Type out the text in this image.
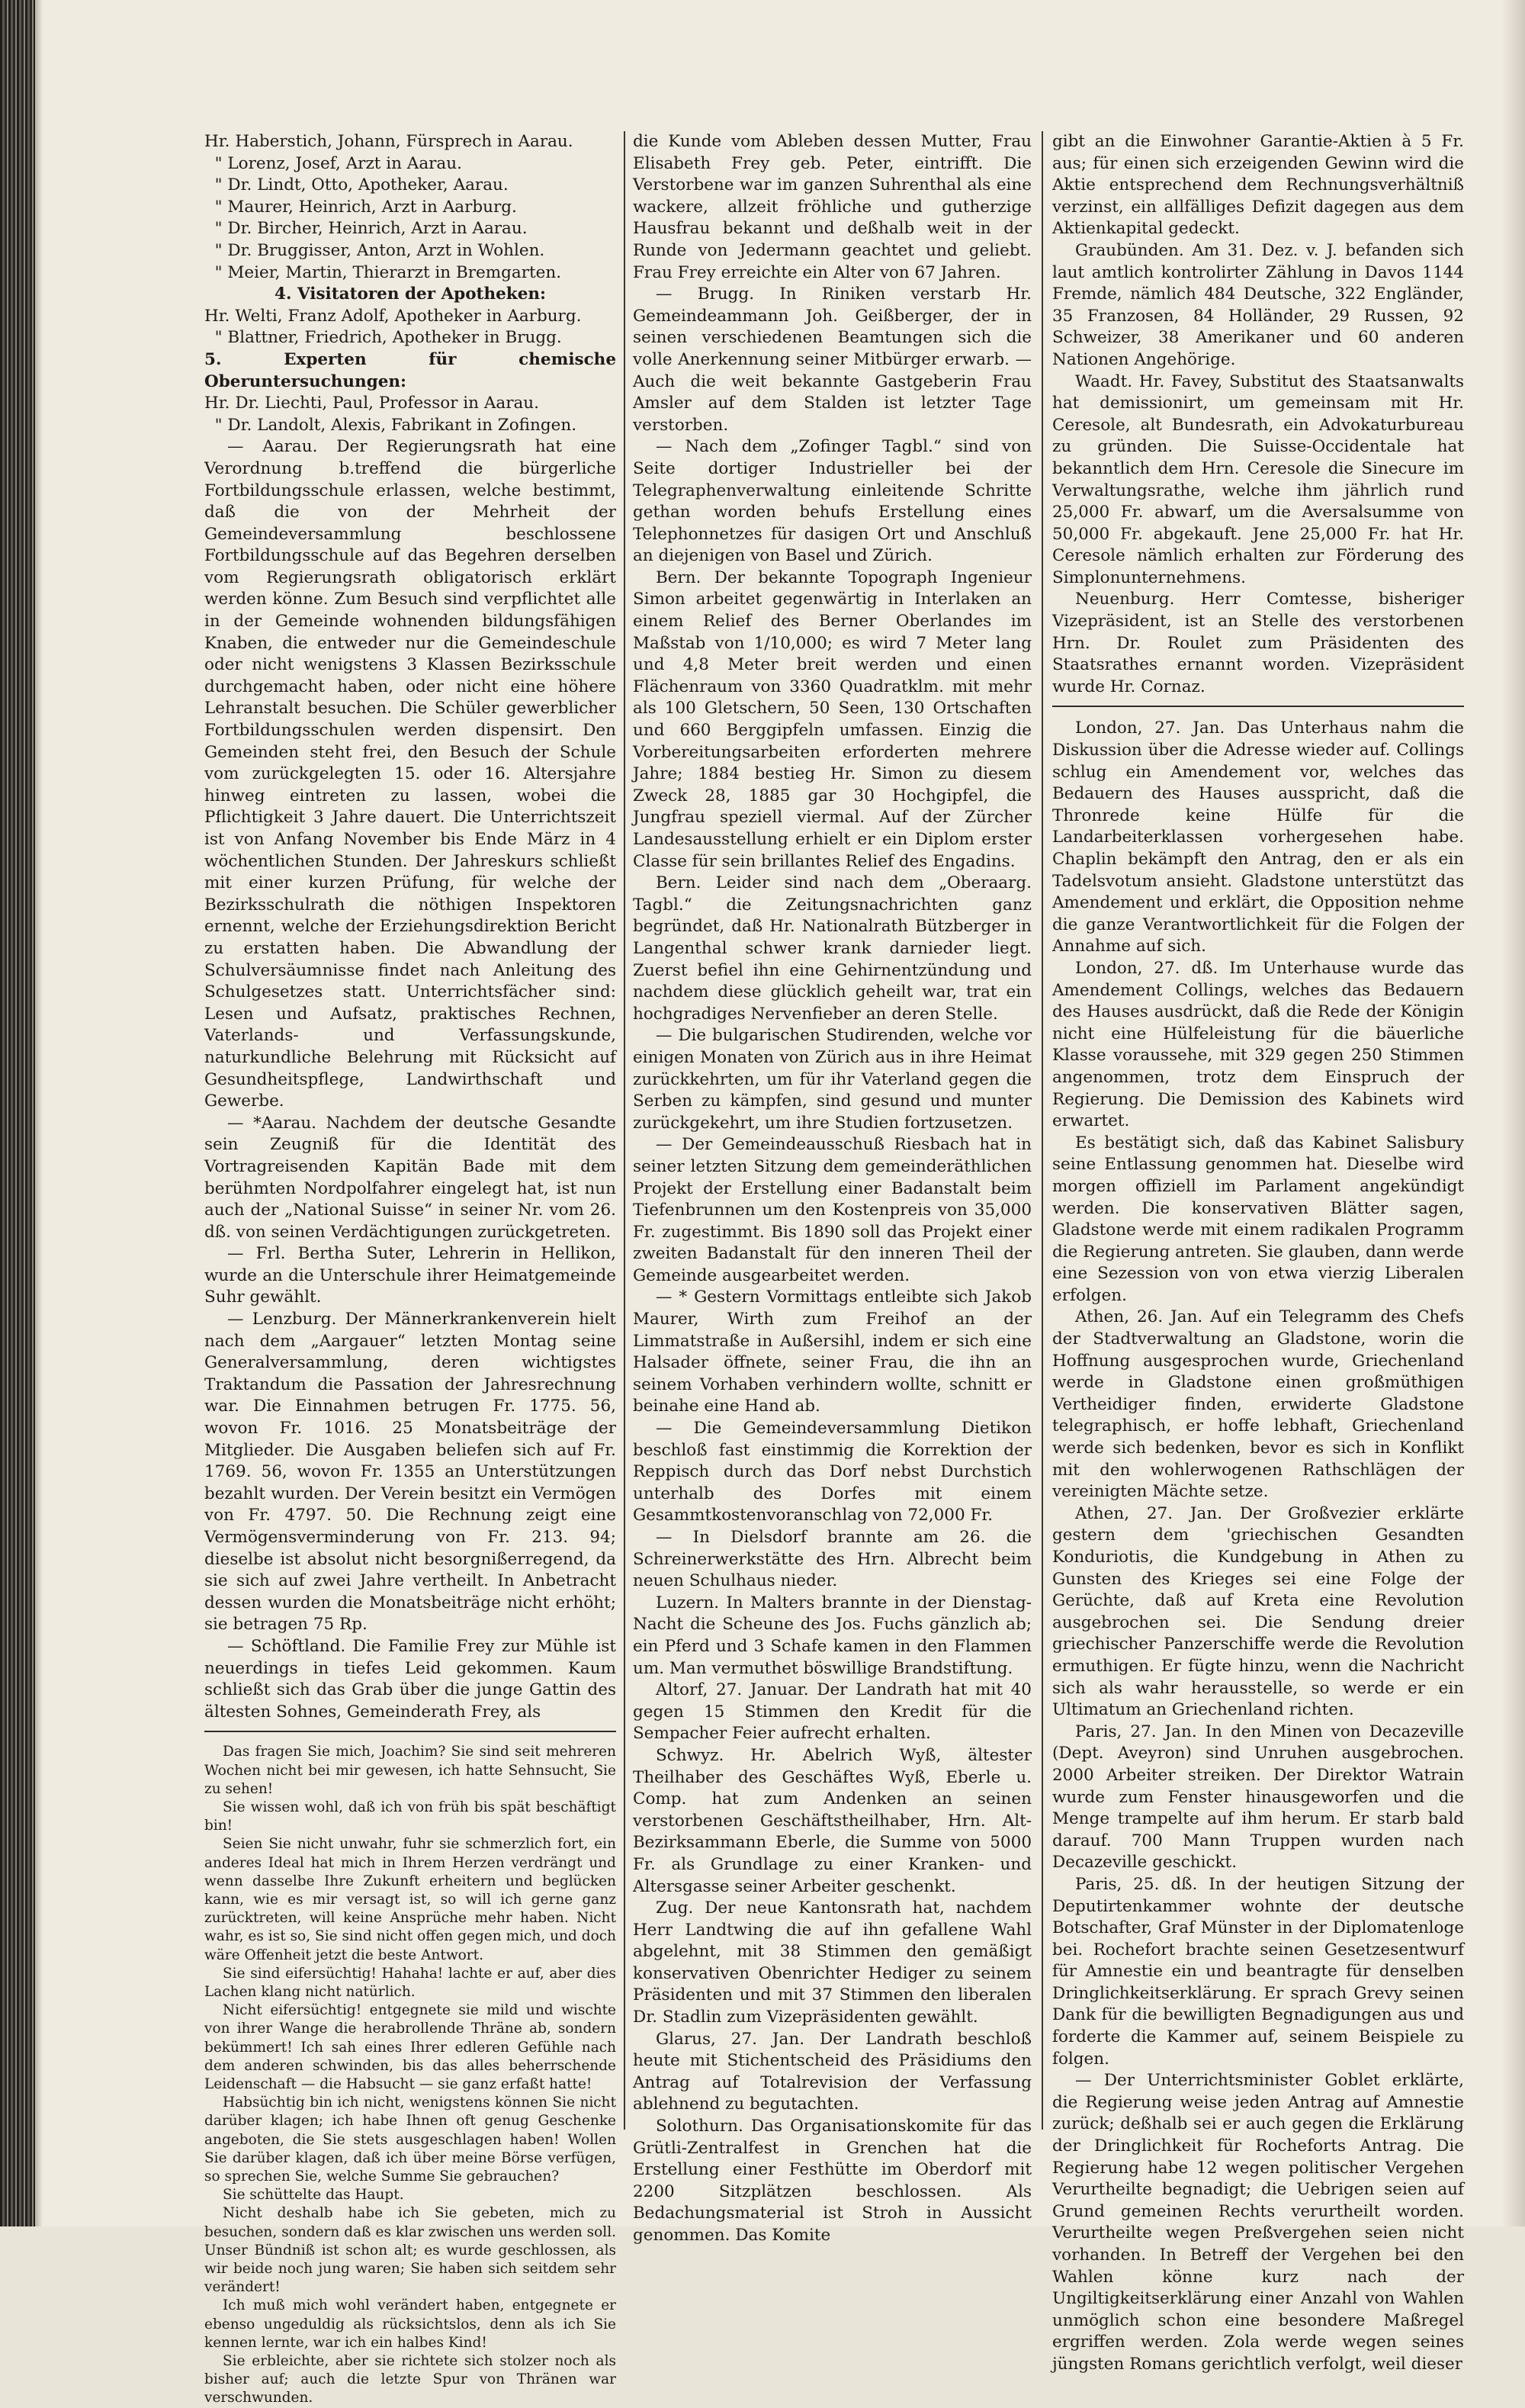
Hr. Haberstich, Johann, Fürsprech in Aarau.

" Lorenz, Josef, Arzt in Aarau.

" Dr. Lindt, Otto, Apotheker, Aarau.

" Maurer, Heinrich, Arzt in Aarburg.

" Dr. Bircher, Heinrich, Arzt in Aarau.

" Dr. Bruggisser, Anton, Arzt in Wohlen.

" Meier, Martin, Thierarzt in Bremgarten.

4. Visitatoren der Apotheken:

Hr. Welti, Franz Adolf, Apotheker in Aarburg.

" Blattner, Friedrich, Apotheker in Brugg.

5. Experten für chemische Oberuntersuchungen:

Hr. Dr. Liechti, Paul, Professor in Aarau.

" Dr. Landolt, Alexis, Fabrikant in Zofingen.

— Aarau. Der Regierungsrath hat eine Verordnung b.treffend die bürgerliche Fortbildungsschule erlassen, welche bestimmt, daß die von der Mehrheit der Gemeindeversammlung beschlossene Fortbildungsschule auf das Begehren derselben vom Regierungsrath obligatorisch erklärt werden könne. Zum Besuch sind verpflichtet alle in der Gemeinde wohnenden bildungsfähigen Knaben, die entweder nur die Gemeindeschule oder nicht wenigstens 3 Klassen Bezirksschule durchgemacht haben, oder nicht eine höhere Lehranstalt besuchen. Die Schüler gewerblicher Fortbildungsschulen werden dispensirt. Den Gemeinden steht frei, den Besuch der Schule vom zurückgelegten 15. oder 16. Altersjahre hinweg eintreten zu lassen, wobei die Pflichtigkeit 3 Jahre dauert. Die Unterrichtszeit ist von Anfang November bis Ende März in 4 wöchentlichen Stunden. Der Jahreskurs schließt mit einer kurzen Prüfung, für welche der Bezirksschulrath die nöthigen Inspektoren ernennt, welche der Erziehungsdirektion Bericht zu erstatten haben. Die Abwandlung der Schulversäumnisse findet nach Anleitung des Schulgesetzes statt. Unterrichtsfächer sind: Lesen und Aufsatz, praktisches Rechnen, Vaterlands- und Verfassungskunde, naturkundliche Belehrung mit Rücksicht auf Gesundheitspflege, Landwirthschaft und Gewerbe.

— *Aarau. Nachdem der deutsche Gesandte sein Zeugniß für die Identität des Vortragreisenden Kapitän Bade mit dem berühmten Nordpolfahrer eingelegt hat, ist nun auch der „National Suisse“ in seiner Nr. vom 26. dß. von seinen Verdächtigungen zurückgetreten.

— Frl. Bertha Suter, Lehrerin in Hellikon, wurde an die Unterschule ihrer Heimatgemeinde Suhr gewählt.

— Lenzburg. Der Männerkrankenverein hielt nach dem „Aargauer“ letzten Montag seine Generalversammlung, deren wichtigstes Traktandum die Passation der Jahresrechnung war. Die Einnahmen betrugen Fr. 1775. 56, wovon Fr. 1016. 25 Monatsbeiträge der Mitglieder. Die Ausgaben beliefen sich auf Fr. 1769. 56, wovon Fr. 1355 an Unterstützungen bezahlt wurden. Der Verein besitzt ein Vermögen von Fr. 4797. 50. Die Rechnung zeigt eine Vermögensverminderung von Fr. 213. 94; dieselbe ist absolut nicht besorgnißerregend, da sie sich auf zwei Jahre vertheilt. In Anbetracht dessen wurden die Monatsbeiträge nicht erhöht; sie betragen 75 Rp.

— Schöftland. Die Familie Frey zur Mühle ist neuerdings in tiefes Leid gekommen. Kaum schließt sich das Grab über die junge Gattin des ältesten Sohnes, Gemeinderath Frey, als

Das fragen Sie mich, Joachim? Sie sind seit mehreren Wochen nicht bei mir gewesen, ich hatte Sehnsucht, Sie zu sehen!

Sie wissen wohl, daß ich von früh bis spät beschäftigt bin!

Seien Sie nicht unwahr, fuhr sie schmerzlich fort, ein anderes Ideal hat mich in Ihrem Herzen verdrängt und wenn dasselbe Ihre Zukunft erheitern und beglücken kann, wie es mir versagt ist, so will ich gerne ganz zurücktreten, will keine Ansprüche mehr haben. Nicht wahr, es ist so, Sie sind nicht offen gegen mich, und doch wäre Offenheit jetzt die beste Antwort.

Sie sind eifersüchtig! Hahaha! lachte er auf, aber dies Lachen klang nicht natürlich.

Nicht eifersüchtig! entgegnete sie mild und wischte von ihrer Wange die herabrollende Thräne ab, sondern bekümmert! Ich sah eines Ihrer edleren Gefühle nach dem anderen schwinden, bis das alles beherrschende Leidenschaft — die Habsucht — sie ganz erfaßt hatte!

Habsüchtig bin ich nicht, wenigstens können Sie nicht darüber klagen; ich habe Ihnen oft genug Geschenke angeboten, die Sie stets ausgeschlagen haben! Wollen Sie darüber klagen, daß ich über meine Börse verfügen, so sprechen Sie, welche Summe Sie gebrauchen?

Sie schüttelte das Haupt.

Nicht deshalb habe ich Sie gebeten, mich zu besuchen, sondern daß es klar zwischen uns werden soll. Unser Bündniß ist schon alt; es wurde geschlossen, als wir beide noch jung waren; Sie haben sich seitdem sehr verändert!

Ich muß mich wohl verändert haben, entgegnete er ebenso ungeduldig als rücksichtslos, denn als ich Sie kennen lernte, war ich ein halbes Kind!

Sie erbleichte, aber sie richtete sich stolzer noch als bisher auf; auch die letzte Spur von Thränen war verschwunden.

die Kunde vom Ableben dessen Mutter, Frau Elisabeth Frey geb. Peter, eintrifft. Die Verstorbene war im ganzen Suhrenthal als eine wackere, allzeit fröhliche und gutherzige Hausfrau bekannt und deßhalb weit in der Runde von Jedermann geachtet und geliebt. Frau Frey erreichte ein Alter von 67 Jahren.

— Brugg. In Riniken verstarb Hr. Gemeindeammann Joh. Geißberger, der in seinen verschiedenen Beamtungen sich die volle Anerkennung seiner Mitbürger erwarb. — Auch die weit bekannte Gastgeberin Frau Amsler auf dem Stalden ist letzter Tage verstorben.

— Nach dem „Zofinger Tagbl.“ sind von Seite dortiger Industrieller bei der Telegraphenverwaltung einleitende Schritte gethan worden behufs Erstellung eines Telephonnetzes für dasigen Ort und Anschluß an diejenigen von Basel und Zürich.

Bern. Der bekannte Topograph Ingenieur Simon arbeitet gegenwärtig in Interlaken an einem Relief des Berner Oberlandes im Maßstab von 1/10,000; es wird 7 Meter lang und 4,8 Meter breit werden und einen Flächenraum von 3360 Quadratklm. mit mehr als 100 Gletschern, 50 Seen, 130 Ortschaften und 660 Berggipfeln umfassen. Einzig die Vorbereitungsarbeiten erforderten mehrere Jahre; 1884 bestieg Hr. Simon zu diesem Zweck 28, 1885 gar 30 Hochgipfel, die Jungfrau speziell viermal. Auf der Zürcher Landesausstellung erhielt er ein Diplom erster Classe für sein brillantes Relief des Engadins.

Bern. Leider sind nach dem „Oberaarg. Tagbl.“ die Zeitungsnachrichten ganz begründet, daß Hr. Nationalrath Bützberger in Langenthal schwer krank darnieder liegt. Zuerst befiel ihn eine Gehirnentzündung und nachdem diese glücklich geheilt war, trat ein hochgradiges Nervenfieber an deren Stelle.

— Die bulgarischen Studirenden, welche vor einigen Monaten von Zürich aus in ihre Heimat zurückkehrten, um für ihr Vaterland gegen die Serben zu kämpfen, sind gesund und munter zurückgekehrt, um ihre Studien fortzusetzen.

— Der Gemeindeausschuß Riesbach hat in seiner letzten Sitzung dem gemeinderäthlichen Projekt der Erstellung einer Badanstalt beim Tiefenbrunnen um den Kostenpreis von 35,000 Fr. zugestimmt. Bis 1890 soll das Projekt einer zweiten Badanstalt für den inneren Theil der Gemeinde ausgearbeitet werden.

— * Gestern Vormittags entleibte sich Jakob Maurer, Wirth zum Freihof an der Limmatstraße in Außersihl, indem er sich eine Halsader öffnete, seiner Frau, die ihn an seinem Vorhaben verhindern wollte, schnitt er beinahe eine Hand ab.

— Die Gemeindeversammlung Dietikon beschloß fast einstimmig die Korrektion der Reppisch durch das Dorf nebst Durchstich unterhalb des Dorfes mit einem Gesammtkostenvoranschlag von 72,000 Fr.

— In Dielsdorf brannte am 26. die Schreinerwerkstätte des Hrn. Albrecht beim neuen Schulhaus nieder.

Luzern. In Malters brannte in der Dienstag-Nacht die Scheune des Jos. Fuchs gänzlich ab; ein Pferd und 3 Schafe kamen in den Flammen um. Man vermuthet böswillige Brandstiftung.

Altorf, 27. Januar. Der Landrath hat mit 40 gegen 15 Stimmen den Kredit für die Sempacher Feier aufrecht erhalten.

Schwyz. Hr. Abelrich Wyß, ältester Theilhaber des Geschäftes Wyß, Eberle u. Comp. hat zum Andenken an seinen verstorbenen Geschäftstheilhaber, Hrn. Alt-Bezirksammann Eberle, die Summe von 5000 Fr. als Grundlage zu einer Kranken- und Altersgasse seiner Arbeiter geschenkt.

Zug. Der neue Kantonsrath hat, nachdem Herr Landtwing die auf ihn gefallene Wahl abgelehnt, mit 38 Stimmen den gemäßigt konservativen Obenrichter Hediger zu seinem Präsidenten und mit 37 Stimmen den liberalen Dr. Stadlin zum Vizepräsidenten gewählt.

Glarus, 27. Jan. Der Landrath beschloß heute mit Stichentscheid des Präsidiums den Antrag auf Totalrevision der Verfassung ablehnend zu begutachten.

Solothurn. Das Organisationskomite für das Grütli-Zentralfest in Grenchen hat die Erstellung einer Festhütte im Oberdorf mit 2200 Sitzplätzen beschlossen. Als Bedachungsmaterial ist Stroh in Aussicht genommen. Das Komite

gibt an die Einwohner Garantie-Aktien à 5 Fr. aus; für einen sich erzeigenden Gewinn wird die Aktie entsprechend dem Rechnungsverhältniß verzinst, ein allfälliges Defizit dagegen aus dem Aktienkapital gedeckt.

Graubünden. Am 31. Dez. v. J. befanden sich laut amtlich kontrolirter Zählung in Davos 1144 Fremde, nämlich 484 Deutsche, 322 Engländer, 35 Franzosen, 84 Holländer, 29 Russen, 92 Schweizer, 38 Amerikaner und 60 anderen Nationen Angehörige.

Waadt. Hr. Favey, Substitut des Staatsanwalts hat demissionirt, um gemeinsam mit Hr. Ceresole, alt Bundesrath, ein Advokaturbureau zu gründen. Die Suisse-Occidentale hat bekanntlich dem Hrn. Ceresole die Sinecure im Verwaltungsrathe, welche ihm jährlich rund 25,000 Fr. abwarf, um die Aversalsumme von 50,000 Fr. abgekauft. Jene 25,000 Fr. hat Hr. Ceresole nämlich erhalten zur Förderung des Simplonunternehmens.

Neuenburg. Herr Comtesse, bisheriger Vizepräsident, ist an Stelle des verstorbenen Hrn. Dr. Roulet zum Präsidenten des Staatsrathes ernannt worden. Vizepräsident wurde Hr. Cornaz.

London, 27. Jan. Das Unterhaus nahm die Diskussion über die Adresse wieder auf. Collings schlug ein Amendement vor, welches das Bedauern des Hauses ausspricht, daß die Thronrede keine Hülfe für die Landarbeiterklassen vorhergesehen habe. Chaplin bekämpft den Antrag, den er als ein Tadelsvotum ansieht. Gladstone unterstützt das Amendement und erklärt, die Opposition nehme die ganze Verantwortlichkeit für die Folgen der Annahme auf sich.

London, 27. dß. Im Unterhause wurde das Amendement Collings, welches das Bedauern des Hauses ausdrückt, daß die Rede der Königin nicht eine Hülfeleistung für die bäuerliche Klasse voraussehe, mit 329 gegen 250 Stimmen angenommen, trotz dem Einspruch der Regierung. Die Demission des Kabinets wird erwartet.

Es bestätigt sich, daß das Kabinet Salisbury seine Entlassung genommen hat. Dieselbe wird morgen offiziell im Parlament angekündigt werden. Die konservativen Blätter sagen, Gladstone werde mit einem radikalen Programm die Regierung antreten. Sie glauben, dann werde eine Sezession von von etwa vierzig Liberalen erfolgen.

Athen, 26. Jan. Auf ein Telegramm des Chefs der Stadtverwaltung an Gladstone, worin die Hoffnung ausgesprochen wurde, Griechenland werde in Gladstone einen großmüthigen Vertheidiger finden, erwiderte Gladstone telegraphisch, er hoffe lebhaft, Griechenland werde sich bedenken, bevor es sich in Konflikt mit den wohlerwogenen Rathschlägen der vereinigten Mächte setze.

Athen, 27. Jan. Der Großvezier erklärte gestern dem 'griechischen Gesandten Konduriotis, die Kundgebung in Athen zu Gunsten des Krieges sei eine Folge der Gerüchte, daß auf Kreta eine Revolution ausgebrochen sei. Die Sendung dreier griechischer Panzerschiffe werde die Revolution ermuthigen. Er fügte hinzu, wenn die Nachricht sich als wahr herausstelle, so werde er ein Ultimatum an Griechenland richten.

Paris, 27. Jan. In den Minen von Decazeville (Dept. Aveyron) sind Unruhen ausgebrochen. 2000 Arbeiter streiken. Der Direktor Watrain wurde zum Fenster hinausgeworfen und die Menge trampelte auf ihm herum. Er starb bald darauf. 700 Mann Truppen wurden nach Decazeville geschickt.

Paris, 25. dß. In der heutigen Sitzung der Deputirtenkammer wohnte der deutsche Botschafter, Graf Münster in der Diplomatenloge bei. Rochefort brachte seinen Gesetzesentwurf für Amnestie ein und beantragte für denselben Dringlichkeitserklärung. Er sprach Grevy seinen Dank für die bewilligten Begnadigungen aus und forderte die Kammer auf, seinem Beispiele zu folgen.

— Der Unterrichtsminister Goblet erklärte, die Regierung weise jeden Antrag auf Amnestie zurück; deßhalb sei er auch gegen die Erklärung der Dringlichkeit für Rocheforts Antrag. Die Regierung habe 12 wegen politischer Vergehen Verurtheilte begnadigt; die Uebrigen seien auf Grund gemeinen Rechts verurtheilt worden. Verurtheilte wegen Preßvergehen seien nicht vorhanden. In Betreff der Vergehen bei den Wahlen könne kurz nach der Ungiltigkeitserklärung einer Anzahl von Wahlen unmöglich schon eine besondere Maßregel ergriffen werden. Zola werde wegen seines jüngsten Romans gerichtlich verfolgt, weil dieser
